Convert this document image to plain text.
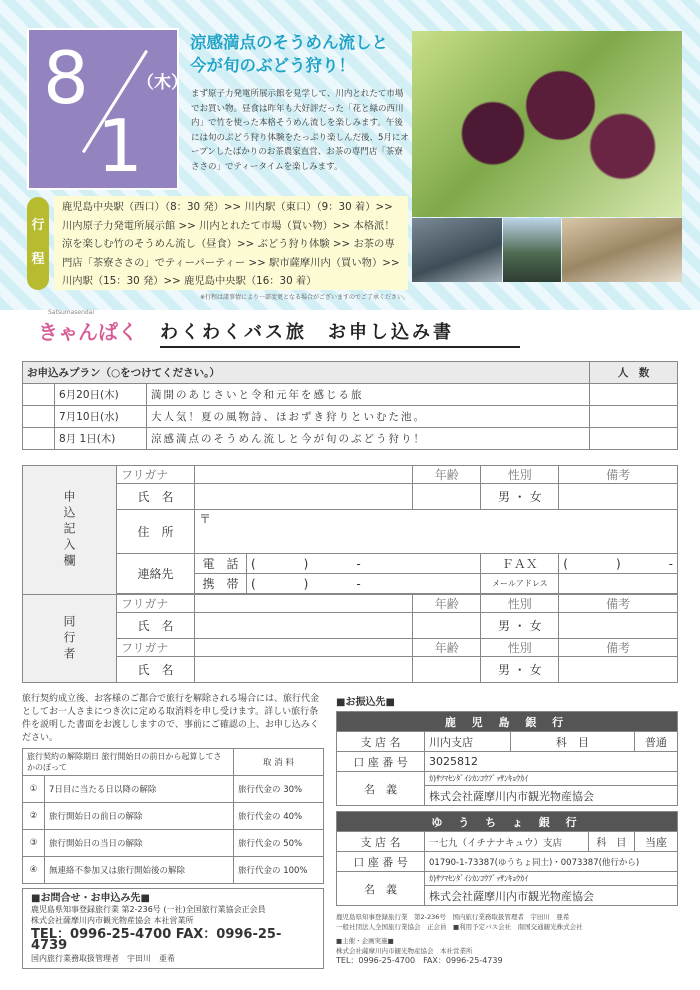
8
1
（木）
涼感満点のそうめん流しと
今が旬のぶどう狩り！
まず原子力発電所展示館を見学して、川内とれたて市場でお買い物。昼食は昨年も大好評だった「花と緑の西川内」で竹を使った本格そうめん流しを楽しみます。午後には旬のぶどう狩り体験をたっぷり楽しんだ後、5月にオープンしたばかりのお茶農家直営、お茶の専門店「茶寮ささの」でティータイムを楽しみます。
行程
鹿児島中央駅（西口）（8：30 発）>> 川内駅（東口）（9：30 着）>> 川内原子力発電所展示館 >> 川内とれたて市場（買い物）>> 本格派！涼を楽しむ竹のそうめん流し（昼食）>> ぶどう狩り体験 >> お茶の専門店「茶寮ささの」でティーパーティー >> 駅市薩摩川内（買い物）>> 川内駅（15：30 発）>> 鹿児島中央駅（16：30 着）
※行程は諸事情により一部変更となる場合がございますのでご了承ください。
Satsumasendai
きゃんぱく わくわくバス旅　お申し込み書
お申込みプラン（○をつけてください。）			人　数
	6月20日(木)	満開のあじさいと令和元年を感じる旅	
	7月10日(水)	大人気！夏の風物詩、ほおずき狩りといむた池。	
	8月 1日(木)	涼感満点のそうめん流しと今が旬のぶどう狩り！	
申込記入欄	フリガナ			年齢	性別	備考
	氏　名				男 ・ 女	
	住　所	〒				
	連絡先	電　話	(　　　　)　　　　-		ＦＡＸ	(　　　　)　　　　-
		携　帯	(　　　　)　　　　-		メールアドレス	

同行者	フリガナ			年齢	性別	備考
	氏　名				男 ・ 女	
	フリガナ			年齢	性別	備考
	氏　名				男 ・ 女	
旅行契約成立後、お客様のご都合で旅行を解除される場合には、旅行代金としてお一人さまにつき次に定める取消料を申し受けます。詳しい旅行条件を説明した書面をお渡ししますので、事前にご確認の上、お申し込みください。
旅行契約の解除期日 旅行開始日の前日から起算してさかのぼって		取 消 料
①	7日目に当たる日以降の解除	旅行代金の 30%
②	旅行開始日の前日の解除	旅行代金の 40%
③	旅行開始日の当日の解除	旅行代金の 50%
④	無連絡不参加又は旅行開始後の解除	旅行代金の 100%
■お問合せ・お申込み先■
鹿児島県知事登録旅行業 第2-236号 (一社)全国旅行業協会正会員
株式会社薩摩川内市観光物産協会 本社営業所
TEL：0996-25-4700 FAX：0996-25-4739
国内旅行業務取扱管理者　宇田川　亜希
■お振込先■
鹿 児 島 銀 行				
支 店 名	川内支店	科　目		普通
口 座 番 号	3025812			
名　義	ｶ)ｻﾂﾏｾﾝﾀﾞｲｼｶﾝｺｳﾌﾞｯｻﾝｷｮｳｶｲ			
	株式会社薩摩川内市観光物産協会			

ゆ う ち ょ 銀 行				
支 店 名	一七九（イチナナキュウ）支店		科　目	当座
口 座 番 号	01790-1-73387(ゆうちょ同士)・0073387(他行から)			
名　義	ｶ)ｻﾂﾏｾﾝﾀﾞｲｼｶﾝｺｳﾌﾞｯｻﾝｷｮｳｶｲ			
	株式会社薩摩川内市観光物産協会			
鹿児島県知事登録旅行業　第2-236号　国内旅行業務取扱管理者　宇田川　亜希
一般社団法人全国旅行業協会　正会員　■利用予定バス会社　南国交通観光株式会社
■主催・企画実施■
株式会社薩摩川内市観光物産協会　本社営業所
TEL：0996-25-4700　FAX：0996-25-4739
